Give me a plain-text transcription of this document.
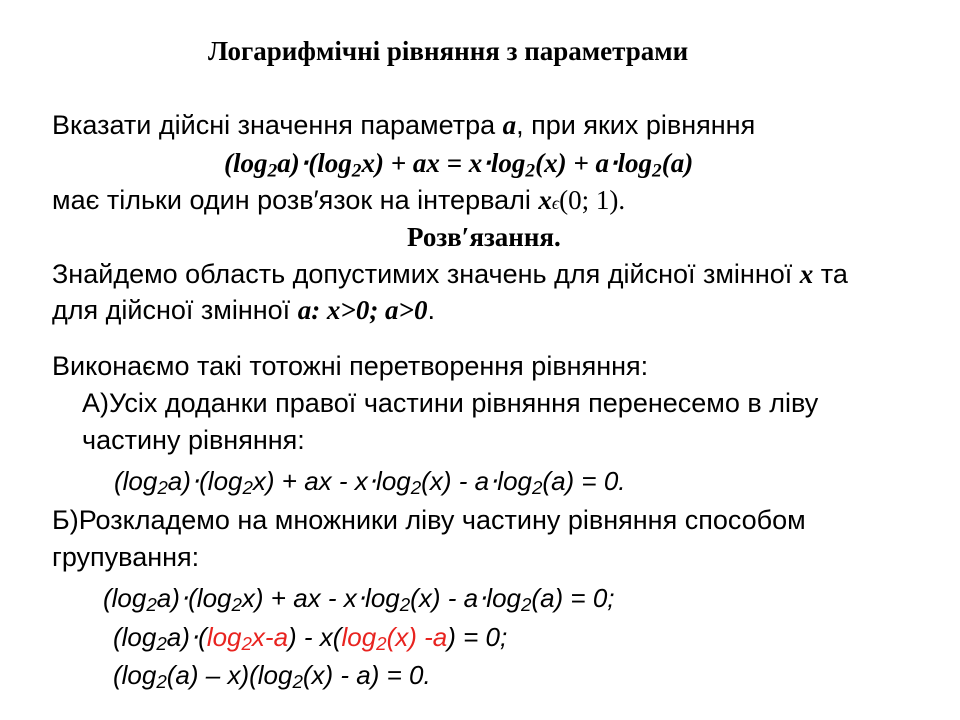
Логарифмічні рівняння з параметрами
Вказати дійсні значення параметра a, при яких рівняння
$(\log_2a)\cdot(\log_2x)$ + ax = $x\cdot\log_2(x) + a\cdot\log_2(a)$
має тільки один розв′язок на інтервалі xϵ(0; 1).
Розв′язання.
Знайдемо область допустимих значень для дійсної змінної x та
для дійсної змінної a: x>0; a>0.
Виконаємо такі тотожні перетворення рівняння:
А)Усіх доданки правої частини рівняння перенесемо в ліву
частину рівняння:
$(\log_2a)\cdot(\log_2x)$ + ax - $x\cdot\log_2(x) - a\cdot\log_2(a) = 0$.
Б)Розкладемо на множники ліву частину рівняння способом
групування:
$(\log_2a)\cdot(\log_2x)$ + ax - $x\cdot\log_2(x) - a\cdot\log_2(a) = 0$;
$(\log_2a)\cdot(\log_2x-a) - x(\log_2(x) -a) = 0$;
$(\log_2(a) - x)(\log_2(x) - a) = 0$.
